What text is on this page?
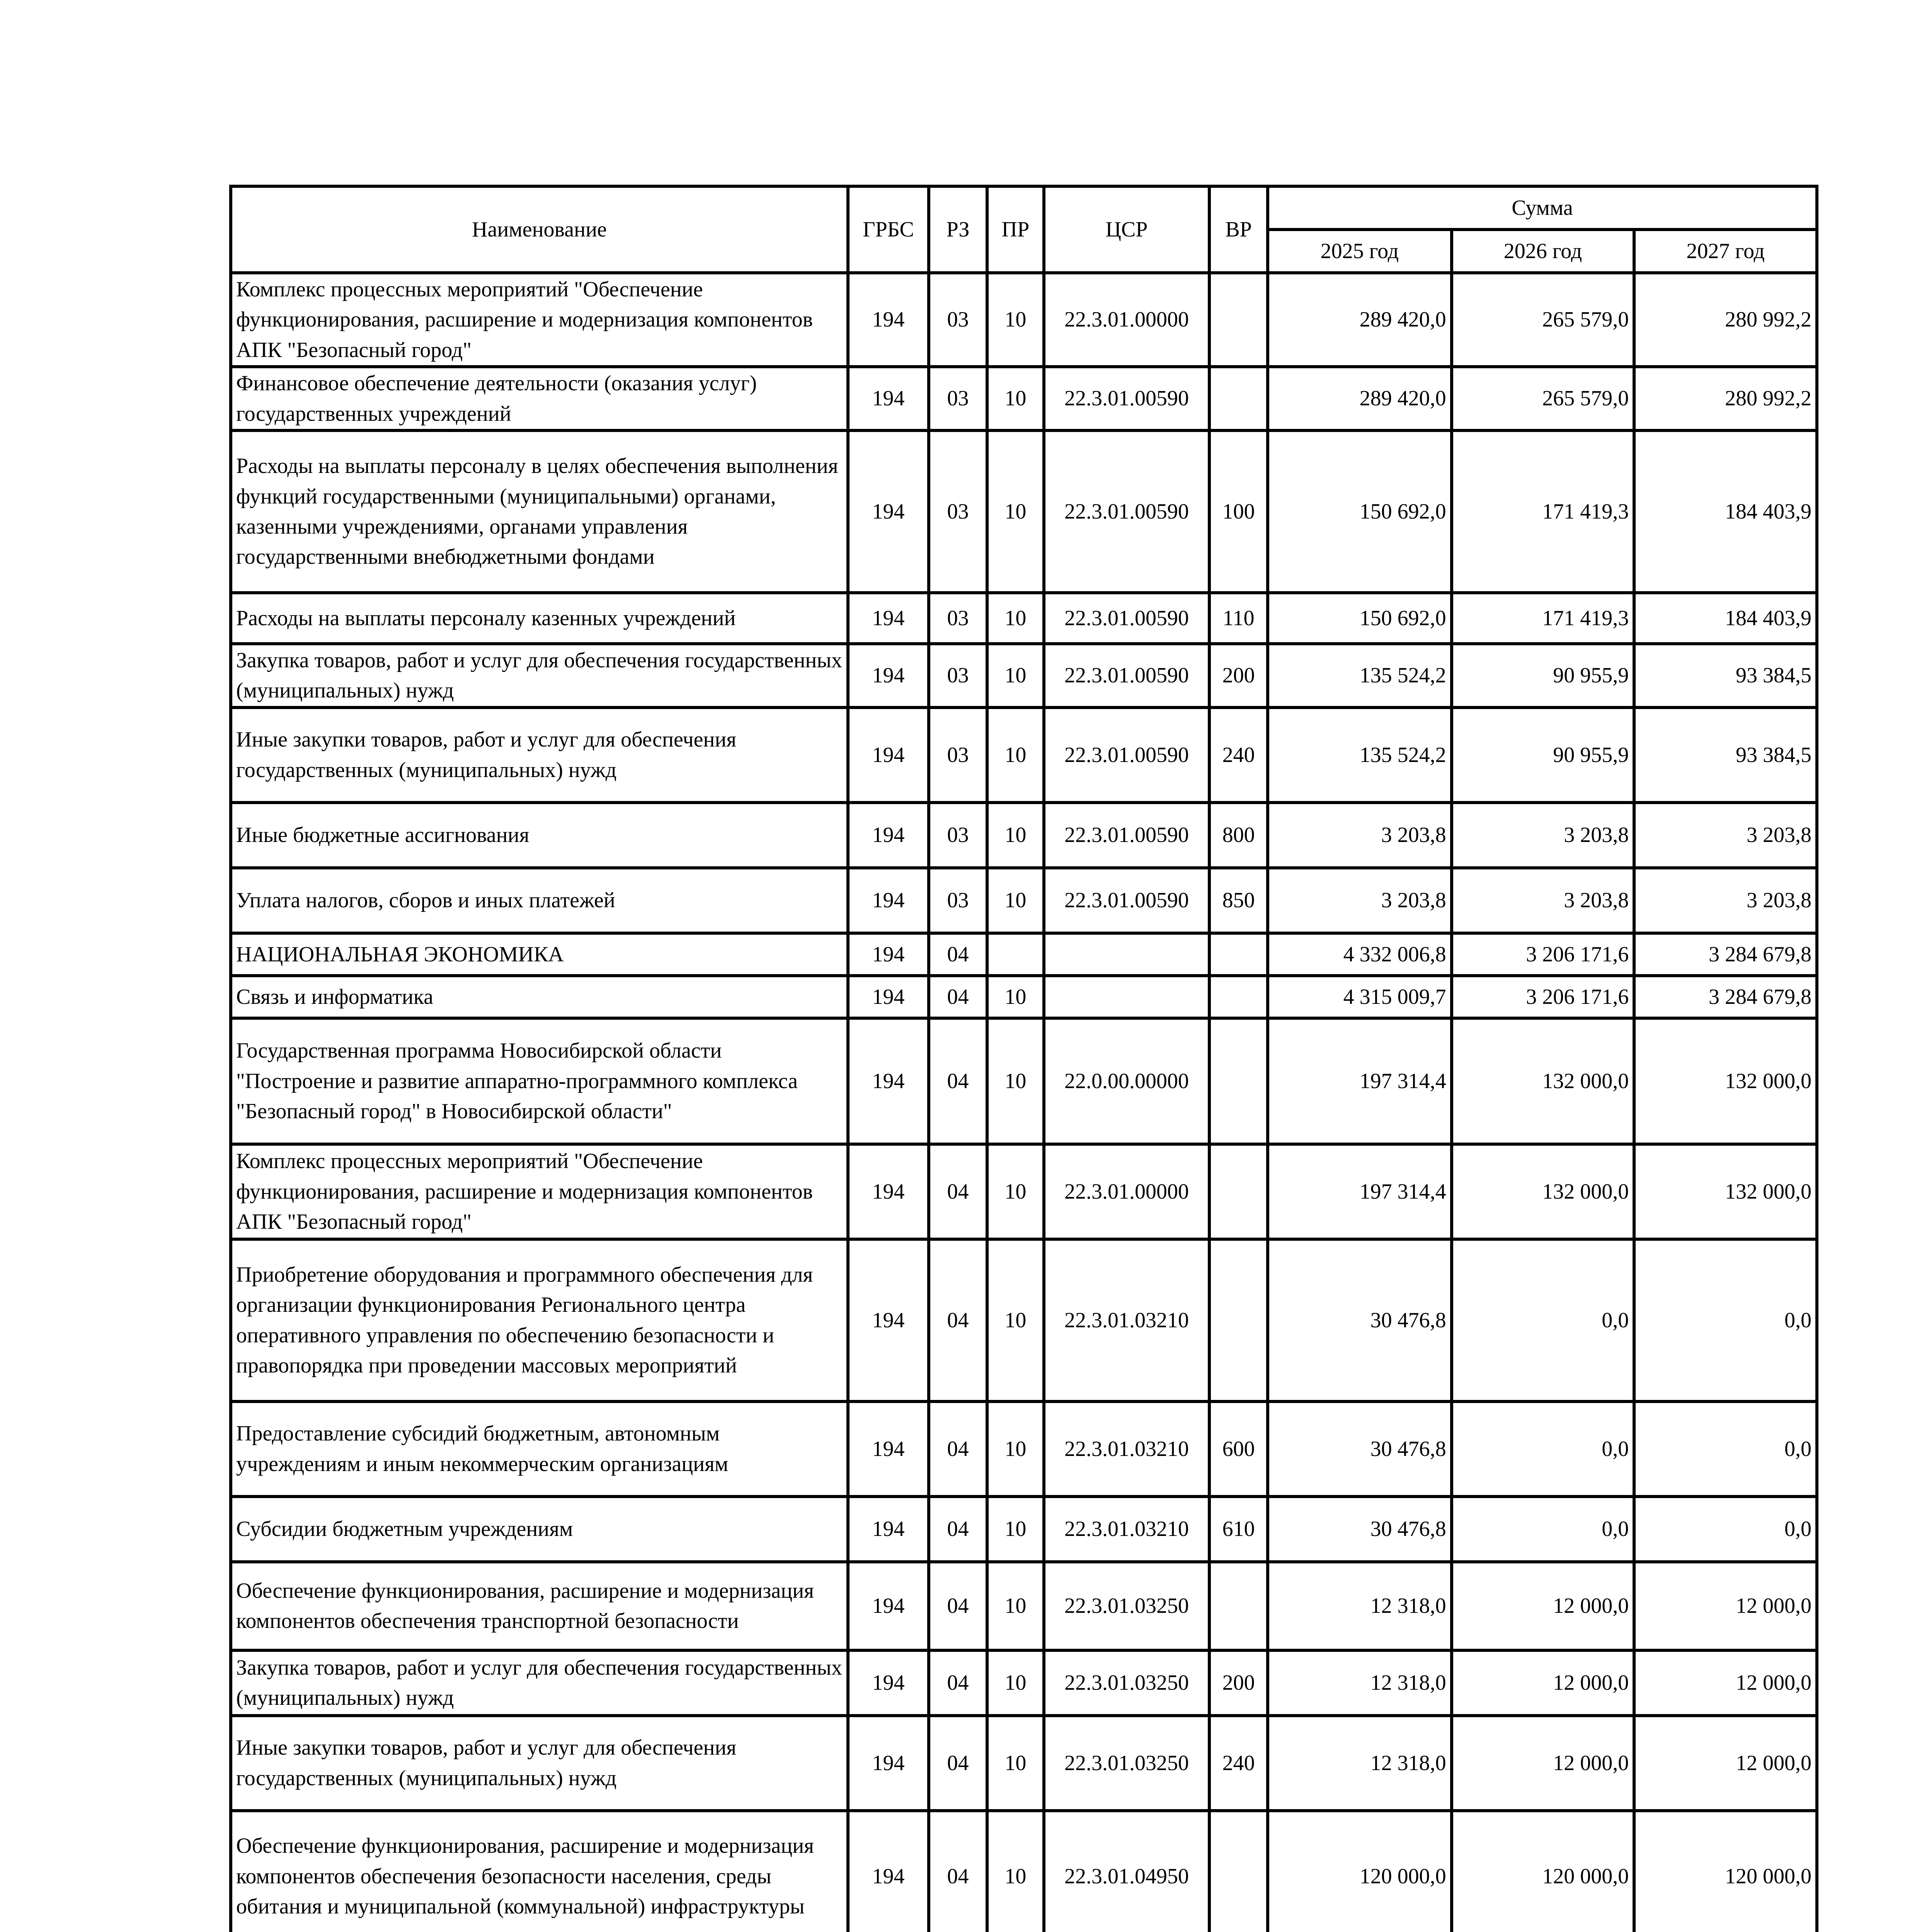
Наименование	ГРБС	РЗ	ПР	ЦСР	ВР	Сумма		
						2025 год	2026 год	2027 год
Комплекс процессных мероприятий "Обеспечение функционирования, расширение и модернизация компонентов АПК "Безопасный город"	194	03	10	22.3.01.00000		289 420,0	265 579,0	280 992,2
Финансовое обеспечение деятельности (оказания услуг) государственных учреждений	194	03	10	22.3.01.00590		289 420,0	265 579,0	280 992,2
Расходы на выплаты персоналу в целях обеспечения выполнения функций государственными (муниципальными) органами, казенными учреждениями, органами управления государственными внебюджетными фондами	194	03	10	22.3.01.00590	100	150 692,0	171 419,3	184 403,9
Расходы на выплаты персоналу казенных учреждений	194	03	10	22.3.01.00590	110	150 692,0	171 419,3	184 403,9
Закупка товаров, работ и услуг для обеспечения государственных (муниципальных) нужд	194	03	10	22.3.01.00590	200	135 524,2	90 955,9	93 384,5
Иные закупки товаров, работ и услуг для обеспечения государственных (муниципальных) нужд	194	03	10	22.3.01.00590	240	135 524,2	90 955,9	93 384,5
Иные бюджетные ассигнования	194	03	10	22.3.01.00590	800	3 203,8	3 203,8	3 203,8
Уплата налогов, сборов и иных платежей	194	03	10	22.3.01.00590	850	3 203,8	3 203,8	3 203,8
НАЦИОНАЛЬНАЯ ЭКОНОМИКА	194	04				4 332 006,8	3 206 171,6	3 284 679,8
Связь и информатика	194	04	10			4 315 009,7	3 206 171,6	3 284 679,8
Государственная программа Новосибирской области "Построение и развитие аппаратно-программного комплекса "Безопасный город" в Новосибирской области"	194	04	10	22.0.00.00000		197 314,4	132 000,0	132 000,0
Комплекс процессных мероприятий "Обеспечение функционирования, расширение и модернизация компонентов АПК "Безопасный город"	194	04	10	22.3.01.00000		197 314,4	132 000,0	132 000,0
Приобретение оборудования и программного обеспечения для организации функционирования Регионального центра оперативного управления по обеспечению безопасности и правопорядка при проведении массовых мероприятий	194	04	10	22.3.01.03210		30 476,8	0,0	0,0
Предоставление субсидий бюджетным, автономным учреждениям и иным некоммерческим организациям	194	04	10	22.3.01.03210	600	30 476,8	0,0	0,0
Субсидии бюджетным учреждениям	194	04	10	22.3.01.03210	610	30 476,8	0,0	0,0
Обеспечение функционирования, расширение и модернизация компонентов обеспечения транспортной безопасности	194	04	10	22.3.01.03250		12 318,0	12 000,0	12 000,0
Закупка товаров, работ и услуг для обеспечения государственных (муниципальных) нужд	194	04	10	22.3.01.03250	200	12 318,0	12 000,0	12 000,0
Иные закупки товаров, работ и услуг для обеспечения государственных (муниципальных) нужд	194	04	10	22.3.01.03250	240	12 318,0	12 000,0	12 000,0
Обеспечение функционирования, расширение и модернизация компонентов обеспечения безопасности населения, среды обитания и муниципальной (коммунальной) инфраструктуры	194	04	10	22.3.01.04950		120 000,0	120 000,0	120 000,0
